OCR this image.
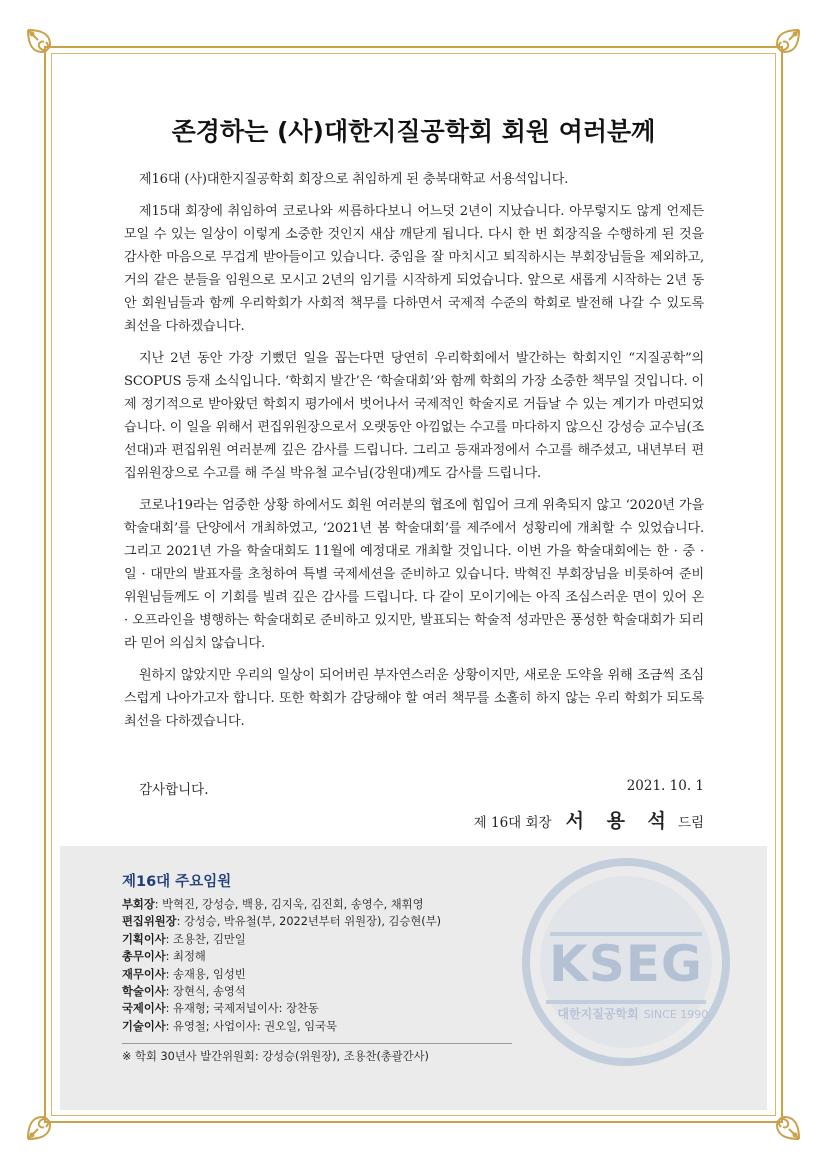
존경하는 (사)대한지질공학회 회원 여러분께

제16대 (사)대한지질공학회 회장으로 취임하게 된 충북대학교 서용석입니다.

제15대 회장에 취임하여 코로나와 씨름하다보니 어느덧 2년이 지났습니다. 아무렇지도 않게 언제든 모일 수 있는 일상이 이렇게 소중한 것인지 새삼 깨닫게 됩니다. 다시 한 번 회장직을 수행하게 된 것을 감사한 마음으로 무겁게 받아들이고 있습니다. 중임을 잘 마치시고 퇴직하시는 부회장님들을 제외하고, 거의 같은 분들을 임원으로 모시고 2년의 임기를 시작하게 되었습니다. 앞으로 새롭게 시작하는 2년 동안 회원님들과 함께 우리학회가 사회적 책무를 다하면서 국제적 수준의 학회로 발전해 나갈 수 있도록 최선을 다하겠습니다.

지난 2년 동안 가장 기뻤던 일을 꼽는다면 당연히 우리학회에서 발간하는 학회지인 “지질공학”의 SCOPUS 등재 소식입니다. ‘학회지 발간’은 ‘학술대회’와 함께 학회의 가장 소중한 책무일 것입니다. 이제 정기적으로 받아왔던 학회지 평가에서 벗어나서 국제적인 학술지로 거듭날 수 있는 계기가 마련되었습니다. 이 일을 위해서 편집위원장으로서 오랫동안 아낌없는 수고를 마다하지 않으신 강성승 교수님(조선대)과 편집위원 여러분께 깊은 감사를 드립니다. 그리고 등재과정에서 수고를 해주셨고, 내년부터 편집위원장으로 수고를 해 주실 박유철 교수님(강원대)께도 감사를 드립니다.

코로나19라는 엄중한 상황 하에서도 회원 여러분의 협조에 힘입어 크게 위축되지 않고 ‘2020년 가을 학술대회’를 단양에서 개최하였고, ‘2021년 봄 학술대회’를 제주에서 성황리에 개최할 수 있었습니다. 그리고 2021년 가을 학술대회도 11월에 예정대로 개최할 것입니다. 이번 가을 학술대회에는 한 · 중 · 일 · 대만의 발표자를 초청하여 특별 국제세션을 준비하고 있습니다. 박혁진 부회장님을 비롯하여 준비위원님들께도 이 기회를 빌려 깊은 감사를 드립니다. 다 같이 모이기에는 아직 조심스러운 면이 있어 온 · 오프라인을 병행하는 학술대회로 준비하고 있지만, 발표되는 학술적 성과만은 풍성한 학술대회가 되리라 믿어 의심치 않습니다.

원하지 않았지만 우리의 일상이 되어버린 부자연스러운 상황이지만, 새로운 도약을 위해 조금씩 조심스럽게 나아가고자 합니다. 또한 학회가 감당해야 할 여러 책무를 소홀히 하지 않는 우리 학회가 되도록 최선을 다하겠습니다.

감사합니다.	2021. 10. 1
제 16대 회장 서 용 석 드림
제16대 주요임원
부회장: 박혁진, 강성승, 백용, 김지욱, 김진회, 송영수, 채휘영
편집위원장: 강성승, 박유철(부, 2022년부터 위원장), 김승현(부)
기획이사: 조용찬, 김만일
총무이사: 최정해
재무이사: 송재용, 임성빈
학술이사: 장현식, 송영석
국제이사: 유재형; 국제저널이사: 장찬동
기술이사: 유영철; 사업이사: 권오일, 임국묵
※ 학회 30년사 발간위원회: 강성승(위원장), 조용찬(총괄간사)
KSEG
대한지질공학회 SINCE 1990
